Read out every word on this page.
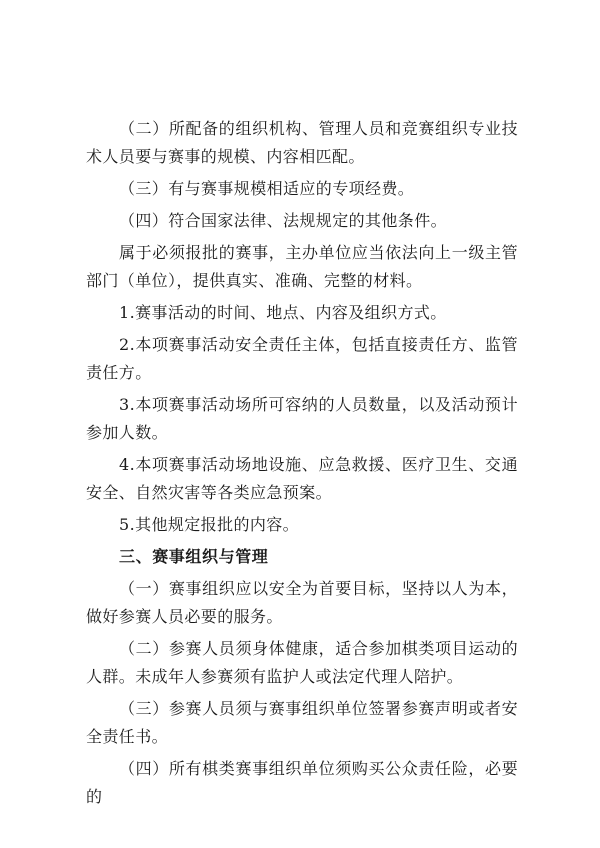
（二）所配备的组织机构、管理人员和竞赛组织专业技术人员要与赛事的规模、内容相匹配。

（三）有与赛事规模相适应的专项经费。

（四）符合国家法律、法规规定的其他条件。

属于必须报批的赛事，主办单位应当依法向上一级主管部门（单位），提供真实、准确、完整的材料。

1.赛事活动的时间、地点、内容及组织方式。

2.本项赛事活动安全责任主体，包括直接责任方、监管责任方。

3.本项赛事活动场所可容纳的人员数量，以及活动预计参加人数。

4.本项赛事活动场地设施、应急救援、医疗卫生、交通安全、自然灾害等各类应急预案。

5.其他规定报批的内容。

三、赛事组织与管理

（一）赛事组织应以安全为首要目标，坚持以人为本，做好参赛人员必要的服务。

（二）参赛人员须身体健康，适合参加棋类项目运动的人群。未成年人参赛须有监护人或法定代理人陪护。

（三）参赛人员须与赛事组织单位签署参赛声明或者安全责任书。

（四）所有棋类赛事组织单位须购买公众责任险，必要的
